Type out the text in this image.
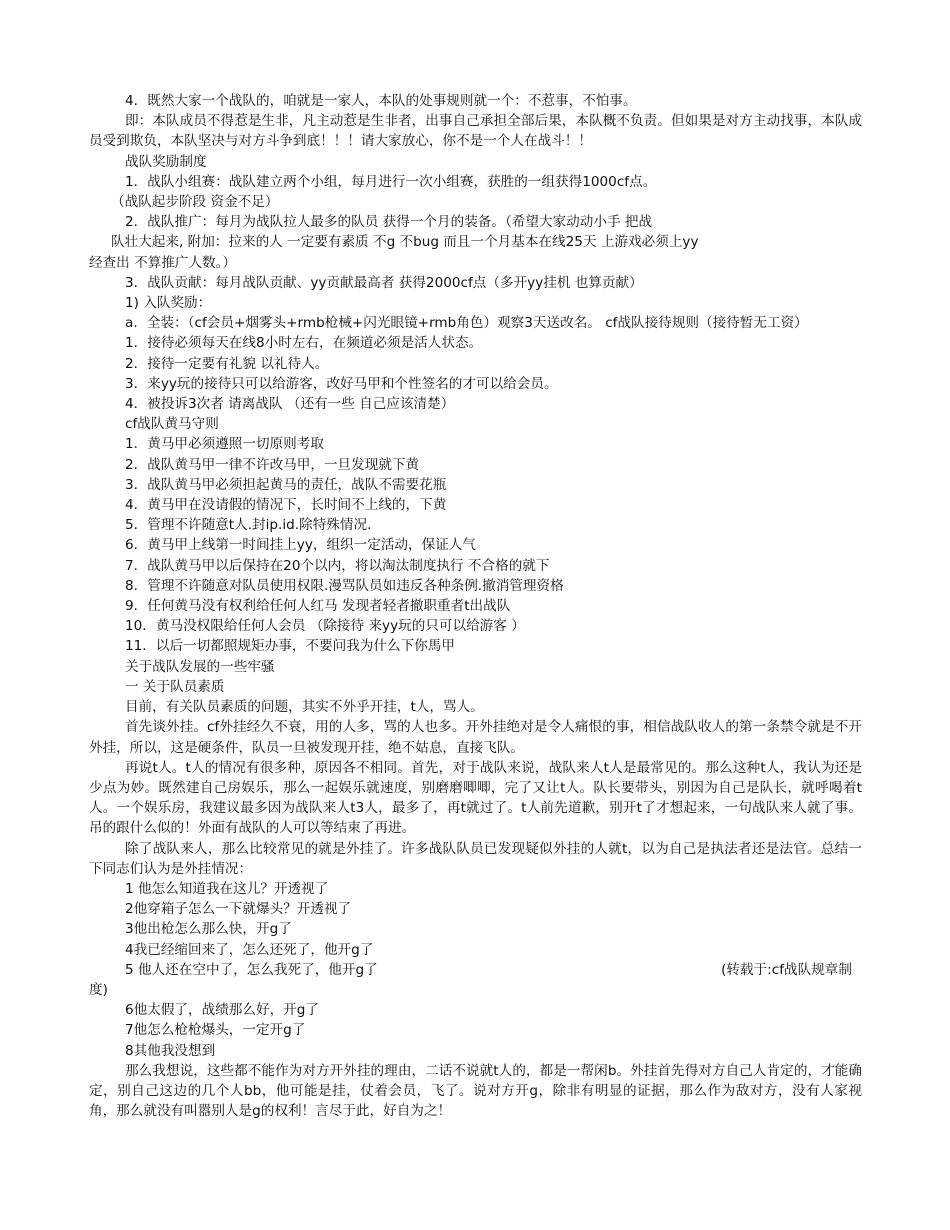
4．既然大家一个战队的，咱就是一家人，本队的处事规则就一个：不惹事，不怕事。

即：本队成员不得惹是生非，凡主动惹是生非者，出事自己承担全部后果，本队概不负责。但如果是对方主动找事，本队成员受到欺负，本队坚决与对方斗争到底！！！请大家放心，你不是一个人在战斗！！

战队奖励制度

1．战队小组赛：战队建立两个小组，每月进行一次小组赛，获胜的一组获得1000cf点。

（战队起步阶段 资金不足）

2．战队推广：每月为战队拉人最多的队员 获得一个月的装备。（希望大家动动小手 把战

队壮大起来, 附加：拉来的人 一定要有素质 不g 不bug 而且一个月基本在线25天 上游戏必须上yy

经查出 不算推广人数。）

3．战队贡献：每月战队贡献、yy贡献最高者 获得2000cf点（多开yy挂机 也算贡献）

1) 入队奖励：

a．全装：（cf会员+烟雾头+rmb枪械+闪光眼镜+rmb角色）观察3天送改名。 cf战队接待规则（接待暂无工资）

1．接待必须每天在线8小时左右，在频道必须是活人状态。

2．接待一定要有礼貌 以礼待人。

3．来yy玩的接待只可以给游客，改好马甲和个性签名的才可以给会员。

4．被投诉3次者 请离战队 （还有一些 自己应该清楚）

cf战队黄马守则

1．黄马甲必须遵照一切原则考取

2．战队黄马甲一律不许改马甲，一旦发现就下黄

3．战队黄马甲必须担起黄马的责任，战队不需要花瓶

4．黄马甲在没请假的情况下，长时间不上线的，下黄

5．管理不许随意t人.封ip.id.除特殊情况.

6．黄马甲上线第一时间挂上yy，组织一定活动，保证人气

7．战队黄马甲以后保持在20个以内，将以淘汰制度执行 不合格的就下

8．管理不许随意对队员使用权限.漫骂队员如违反各种条例.撤消管理资格

9．任何黄马没有权利给任何人红马 发现者轻者撤职重者t出战队

10．黄马没权限给任何人会员 （除接待 来yy玩的只可以给游客 ）

11．以后一切都照规矩办事，不要问我为什么下你馬甲

关于战队发展的一些牢骚

一 关于队员素质

目前，有关队员素质的问题，其实不外乎开挂，t人，骂人。

首先谈外挂。cf外挂经久不衰，用的人多，骂的人也多。开外挂绝对是令人痛恨的事，相信战队收人的第一条禁令就是不开外挂，所以，这是硬条件，队员一旦被发现开挂，绝不姑息，直接飞队。

再说t人。t人的情况有很多种，原因各不相同。首先，对于战队来说，战队来人t人是最常见的。那么这种t人，我认为还是少点为妙。既然建自己房娱乐，那么一起娱乐就速度，别磨磨唧唧，完了又让t人。队长要带头，别因为自己是队长，就呼喝着t人。一个娱乐房，我建议最多因为战队来人t3人，最多了，再t就过了。t人前先道歉，别开t了才想起来，一句战队来人就了事。吊的跟什么似的！外面有战队的人可以等结束了再进。

除了战队来人，那么比较常见的就是外挂了。许多战队队员已发现疑似外挂的人就t，以为自己是执法者还是法官。总结一下同志们认为是外挂情况：

1 他怎么知道我在这儿？开透视了

2他穿箱子怎么一下就爆头？开透视了

3他出枪怎么那么快，开g了

4我已经缩回来了，怎么还死了，他开g了

5 他人还在空中了，怎么我死了，他开g了	(转载于:cf战队规章制

度)

6他太假了，战绩那么好，开g了

7他怎么枪枪爆头，一定开g了

8其他我没想到

那么我想说，这些都不能作为对方开外挂的理由，二话不说就t人的，都是一帮闲b。外挂首先得对方自己人肯定的，才能确定，别自己这边的几个人bb，他可能是挂，仗着会员，飞了。说对方开g，除非有明显的证据，那么作为敌对方，没有人家视角，那么就没有叫嚣别人是g的权利！言尽于此，好自为之！
